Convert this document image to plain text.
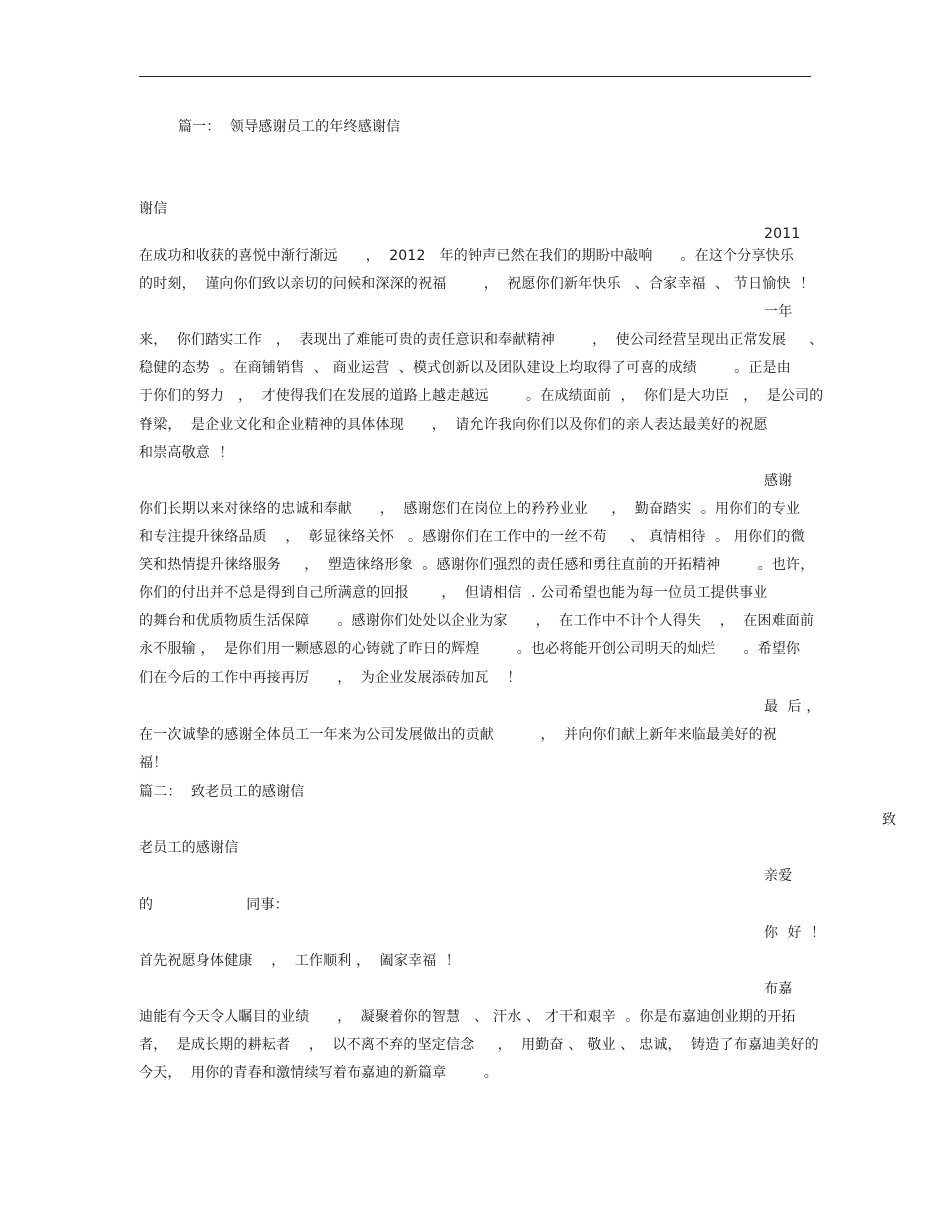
篇一：  领导感谢员工的年终感谢信
谢信
2011
在成功和收获的喜悦中渐行渐远      ，  2012   年的钟声已然在我们的期盼中敲响      。在这个分享快乐
的时刻，  谨向你们致以亲切的问候和深深的祝福        ，  祝愿你们新年快乐   、合家幸福  、 节日愉快  ！
一年
来，  你们踏实工作   ，  表现出了难能可贵的责任意识和奉献精神        ，  使公司经营呈现出正常发展     、
稳健的态势  。在商铺销售  、 商业运营  、模式创新以及团队建设上均取得了可喜的成绩        。正是由
于你们的努力   ，  才使得我们在发展的道路上越走越远        。在成绩面前  ，  你们是大功臣   ，  是公司的
脊梁，  是企业文化和企业精神的具体体现      ，  请允许我向你们以及你们的亲人表达最美好的祝愿
和崇高敬意  ！
感谢
你们长期以来对徕络的忠诚和奉献      ，  感谢您们在岗位上的矜矜业业     ，  勤奋踏实  。用你们的专业
和专注提升徕络品质    ，  彰显徕络关怀   。感谢你们在工作中的一丝不苟     、 真情相待  。 用你们的微
笑和热情提升徕络服务     ，  塑造徕络形象  。感谢你们强烈的责任感和勇往直前的开拓精神        。也许，
你们的付出并不总是得到自己所满意的回报       ，  但请相信  . 公司希望也能为每一位员工提供事业
的舞台和优质物质生活保障      。感谢你们处处以企业为家      ，  在工作中不计个人得失    ，  在困难面前
永不服输 ，  是你们用一颗感恩的心铸就了昨日的辉煌        。也必将能开创公司明天的灿烂      。希望你
们在今后的工作中再接再厉      ，  为企业发展添砖加瓦    ！
最  后 ，
在一次诚挚的感谢全体员工一年来为公司发展做出的贡献          ，  并向你们献上新年来临最美好的祝
福！
篇二：  致老员工的感谢信
致
老员工的感谢信
亲爱
的                    同事：
你  好  ！
首先祝愿身体健康    ，  工作顺利 ，  阖家幸福  ！
布嘉
迪能有今天令人瞩目的业绩      ，  凝聚着你的智慧   、 汗水 、 才干和艰辛  。你是布嘉迪创业期的开拓
者，  是成长期的耕耘者    ，  以不离不弃的坚定信念     ，  用勤奋 、 敬业 、 忠诚，  铸造了布嘉迪美好的
今天，  用你的青春和激情续写着布嘉迪的新篇章        。
